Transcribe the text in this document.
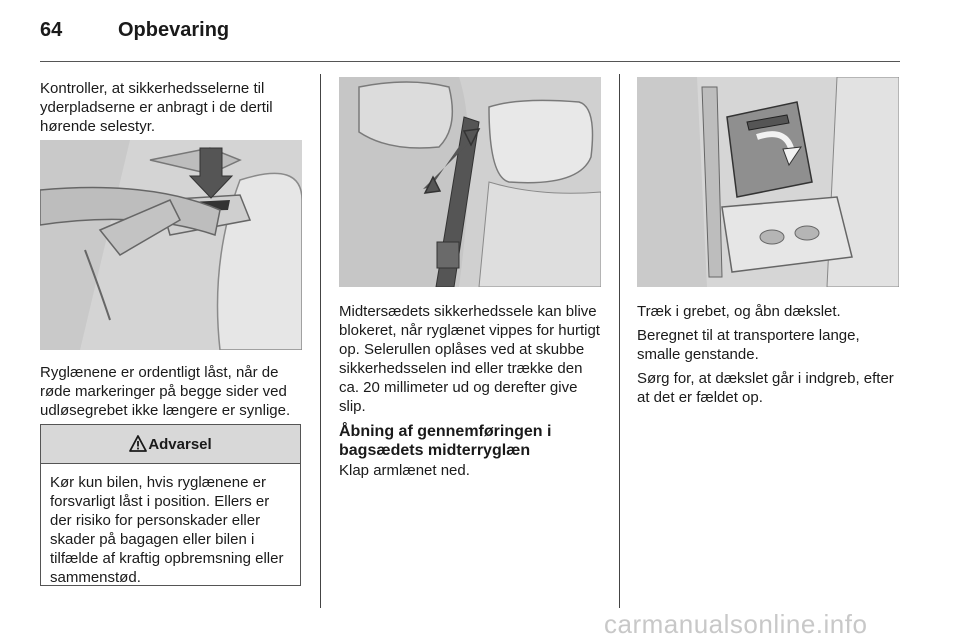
64	Opbevaring

Kontroller, at sikkerhedsselerne til yderpladserne er anbragt i de dertil hørende selestyr.

Ryglænene er ordentligt låst, når de røde markeringer på begge sider ved udløsegrebet ikke længere er synlige.

Advarsel
Kør kun bilen, hvis ryglænene er forsvarligt låst i position. Ellers er der risiko for personskader eller skader på bagagen eller bilen i tilfælde af kraftig opbremsning eller sammenstød.

Midtersædets sikkerhedssele kan blive blokeret, når ryglænet vippes for hurtigt op. Selerullen oplåses ved at skubbe sikkerhedsselen ind eller trække den ca. 20 millimeter ud og derefter give slip.

Åbning af gennemføringen i bagsædets midterryglæn

Klap armlænet ned.

Træk i grebet, og åbn dækslet.

Beregnet til at transportere lange, smalle genstande.

Sørg for, at dækslet går i indgreb, efter at det er fældet op.

carmanualsonline.info
